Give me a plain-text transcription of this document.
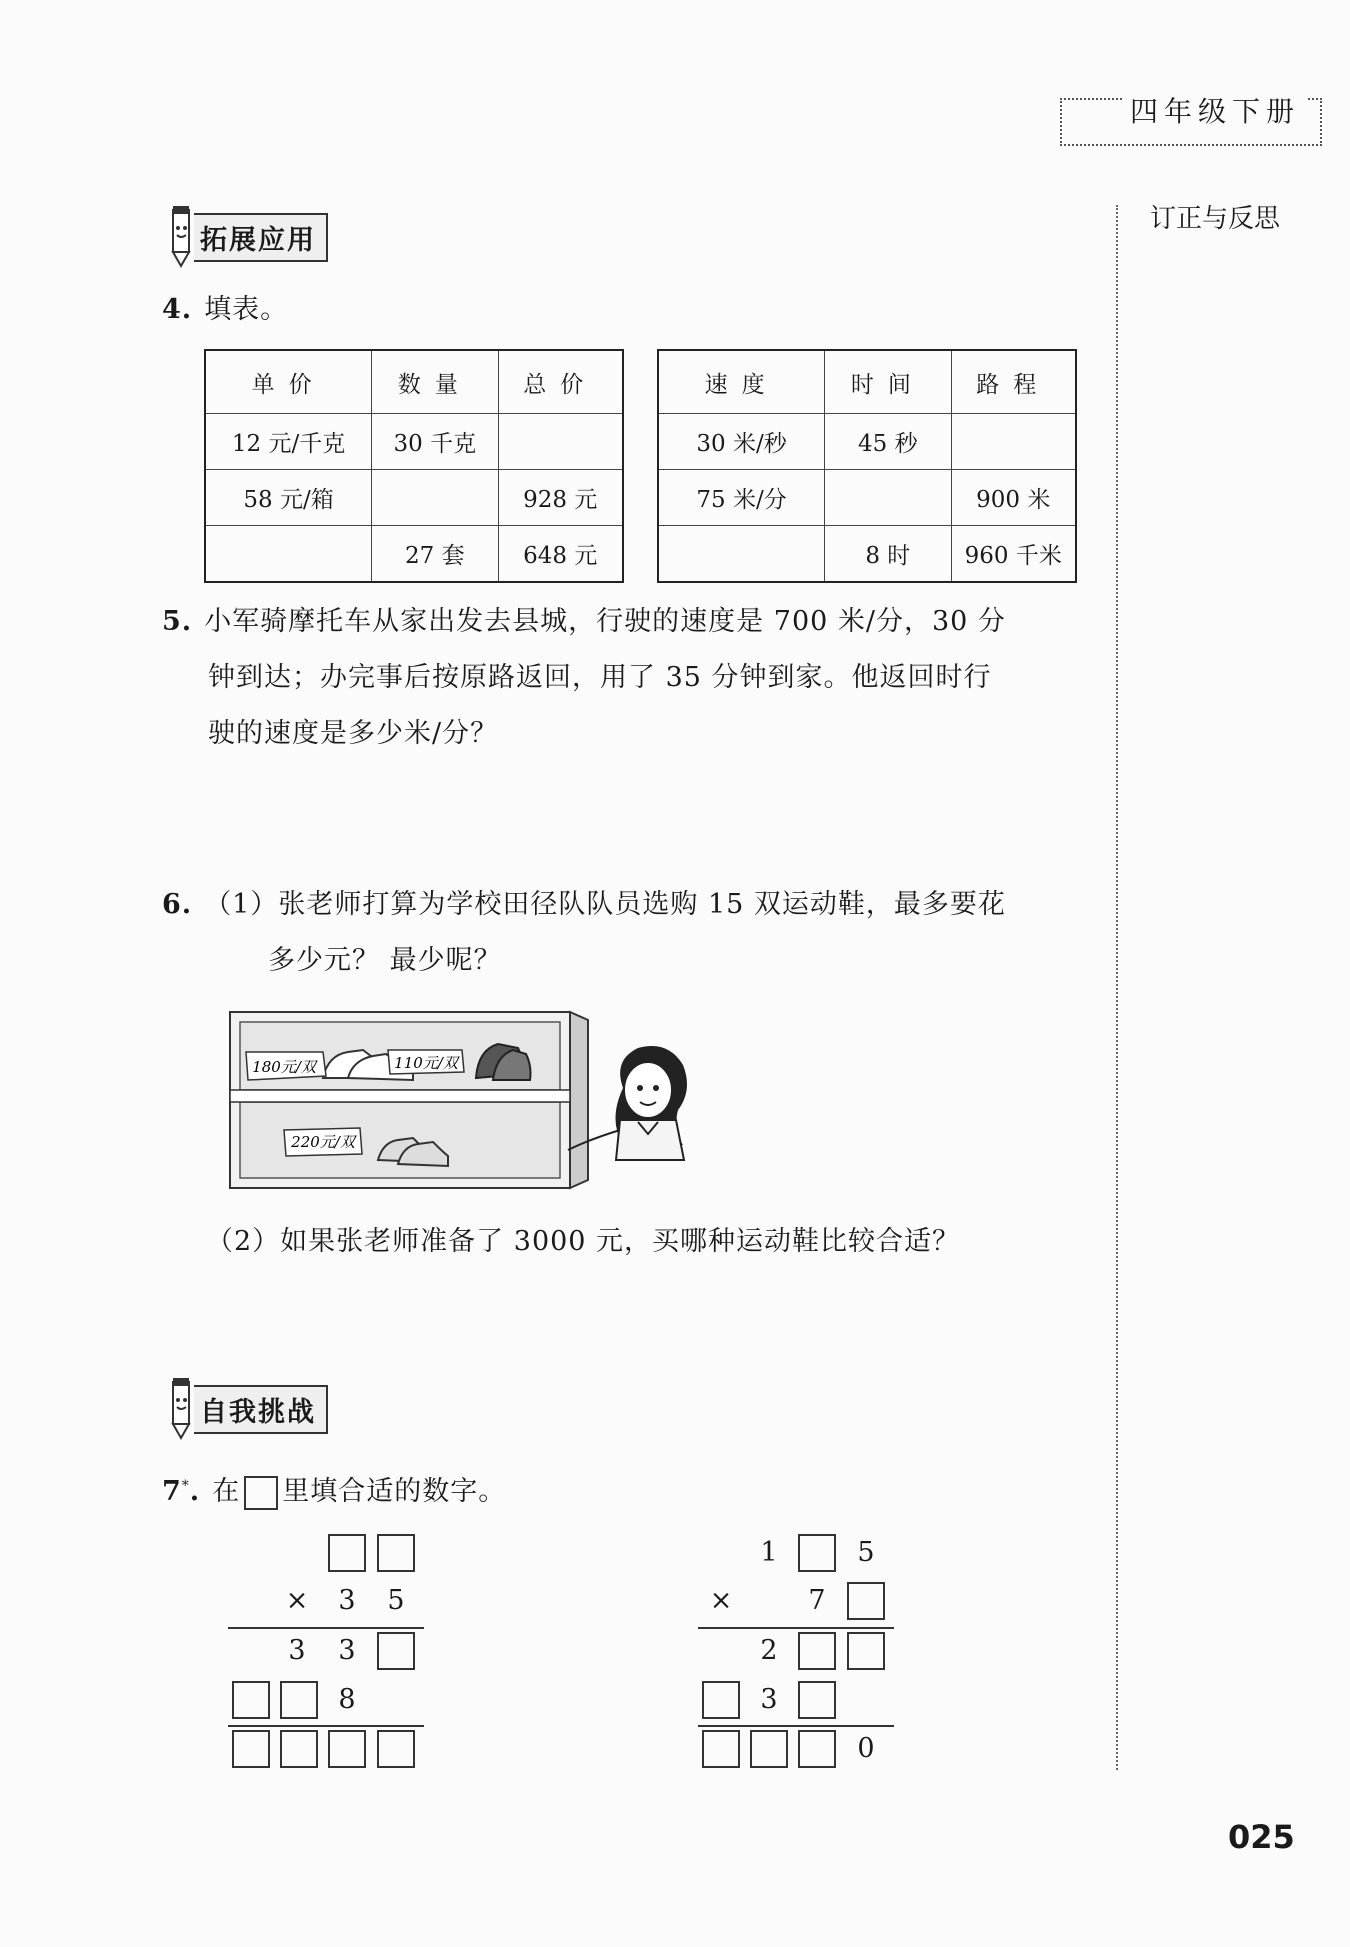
四年级下册
订正与反思
拓展应用
4. 填表。
单价	数量	总价
12 元/千克	30 千克	
58 元/箱		928 元
	27 套	648 元
速度	时间	路程
30 米/秒	45 秒	
75 米/分		900 米
	8 时	960 千米
5. 小军骑摩托车从家出发去县城，行驶的速度是 700 米/分，30 分
钟到达；办完事后按原路返回，用了 35 分钟到家。他返回时行
驶的速度是多少米/分？
6. （1）张老师打算为学校田径队队员选购 15 双运动鞋，最多要花
多少元？ 最少呢？
180元/双	110元/双
220元/双
（2）如果张老师准备了 3000 元，买哪种运动鞋比较合适？
自我挑战
7*. 在 里填合适的数字。
×	3	5
3	3
8
1	5
×	7
2
3
0
025
